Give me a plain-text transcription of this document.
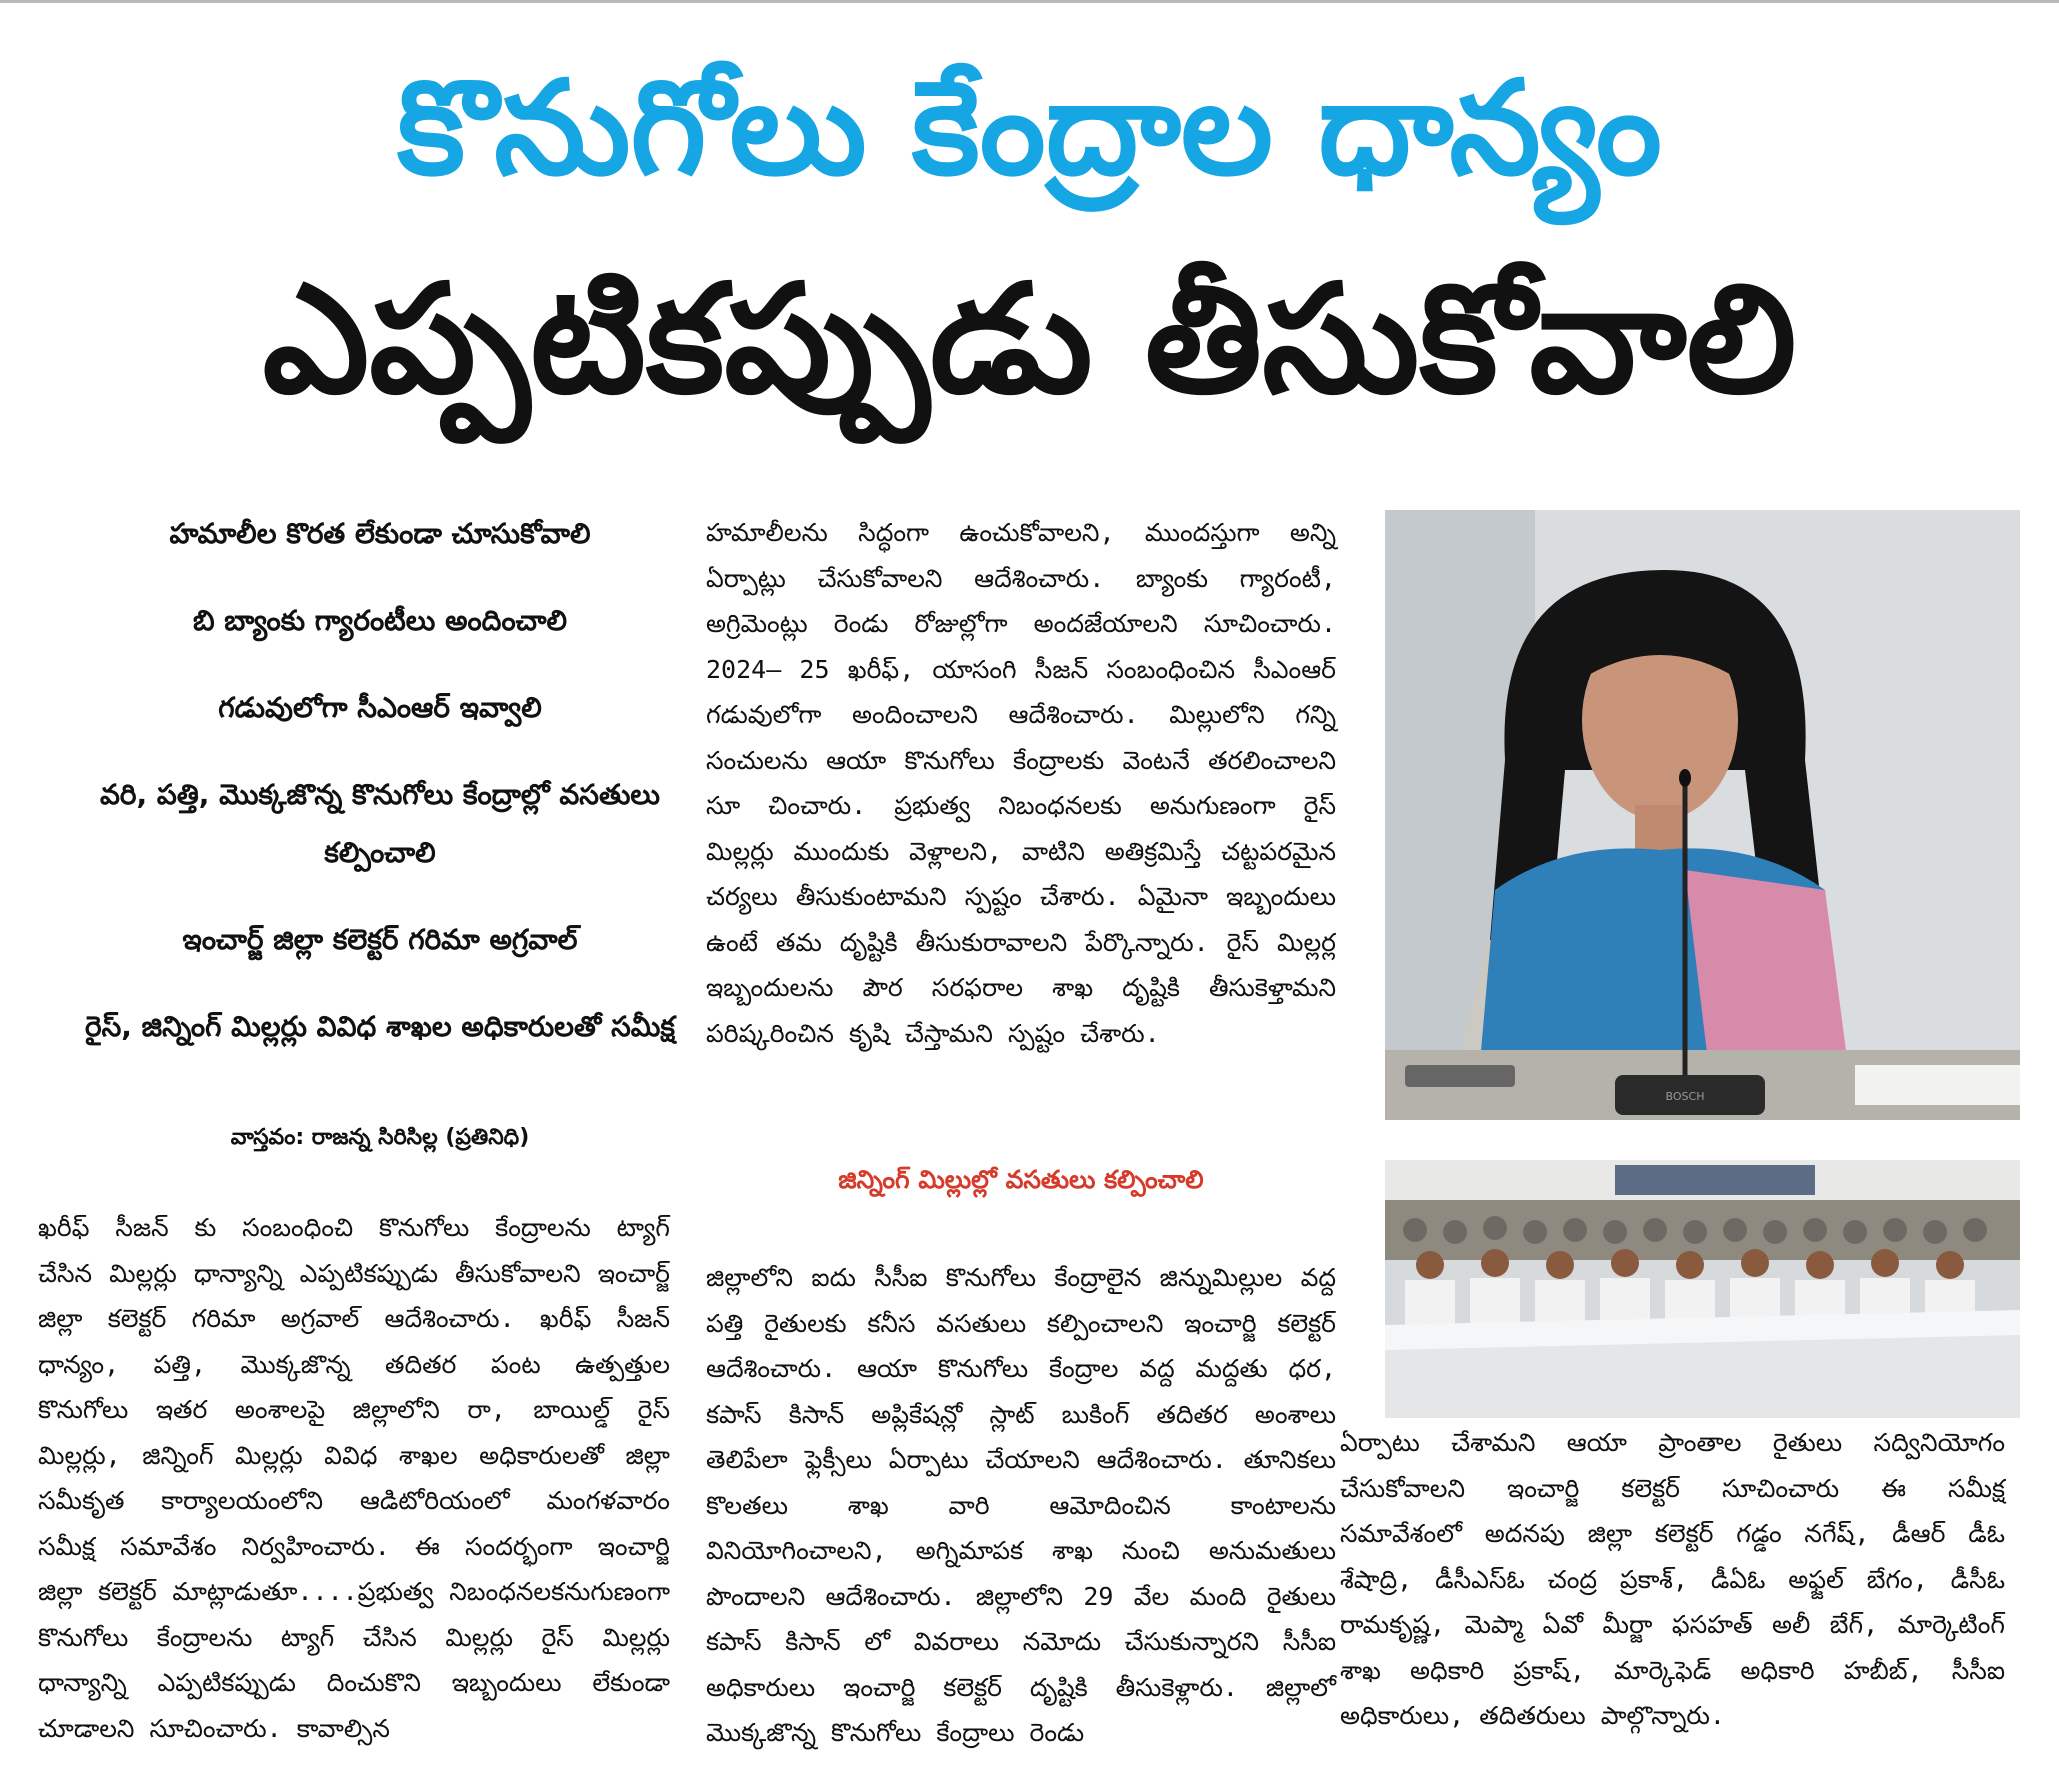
కొనుగోలు కేంద్రాల ధాన్యం
ఎప్పటికప్పుడు తీసుకోవాలి
హమాలీల కొరత లేకుండా చూసుకోవాలి
బి బ్యాంకు గ్యారంటీలు అందించాలి
గడువులోగా సీఎంఆర్ ఇవ్వాలి
వరి, పత్తి, మొక్కజొన్న కొనుగోలు కేంద్రాల్లో వసతులు కల్పించాలి
ఇంచార్జ్ జిల్లా కలెక్టర్ గరిమా అగ్రవాల్
రైస్, జిన్నింగ్ మిల్లర్లు వివిధ శాఖల అధికారులతో సమీక్ష
వాస్తవం: రాజన్న సిరిసిల్ల (ప్రతినిధి)

ఖరీఫ్ సీజన్ కు సంబంధించి కొనుగోలు కేంద్రాలను ట్యాగ్ చేసిన మిల్లర్లు ధాన్యాన్ని ఎప్పటికప్పుడు తీసుకోవాలని ఇంచార్జ్ జిల్లా కలెక్టర్ గరిమా అగ్రవాల్ ఆదేశించారు. ఖరీఫ్ సీజన్ ధాన్యం, పత్తి, మొక్కజొన్న తదితర పంట ఉత్పత్తుల కొనుగోలు ఇతర అంశాలపై జిల్లాలోని రా, బాయిల్డ్ రైస్ మిల్లర్లు, జిన్నింగ్ మిల్లర్లు వివిధ శాఖల అధికారులతో జిల్లా సమీకృత కార్యాలయంలోని ఆడిటోరియంలో మంగళవారం సమీక్ష సమావేశం నిర్వహించారు. ఈ సందర్భంగా ఇంచార్జి జిల్లా కలెక్టర్ మాట్లాడుతూ....ప్రభుత్వ నిబంధనలకనుగుణంగా కొనుగోలు కేంద్రాలను ట్యాగ్ చేసిన మిల్లర్లు రైస్ మిల్లర్లు ధాన్యాన్ని ఎప్పటికప్పుడు దించుకొని ఇబ్బందులు లేకుండా చూడాలని సూచించారు. కావాల్సిన

హమాలీలను సిద్ధంగా ఉంచుకోవాలని, ముందస్తుగా అన్ని ఏర్పాట్లు చేసుకోవాలని ఆదేశించారు. బ్యాంకు గ్యారంటీ, అగ్రిమెంట్లు రెండు రోజుల్లోగా అందజేయాలని సూచించారు. 2024– 25 ఖరీఫ్, యాసంగి సీజన్ సంబంధించిన సీఎంఆర్ గడువులోగా అందించాలని ఆదేశించారు. మిల్లులోని గన్ని సంచులను ఆయా కొనుగోలు కేంద్రాలకు వెంటనే తరలించాలని సూ చించారు. ప్రభుత్వ నిబంధనలకు అనుగుణంగా రైస్ మిల్లర్లు ముందుకు వెళ్లాలని, వాటిని అతిక్రమిస్తే చట్టపరమైన చర్యలు తీసుకుంటామని స్పష్టం చేశారు. ఏమైనా ఇబ్బందులు ఉంటే తమ దృష్టికి తీసుకురావాలని పేర్కొన్నారు. రైస్ మిల్లర్ల ఇబ్బందులను పౌర సరఫరాల శాఖ దృష్టికి తీసుకెళ్తామని పరిష్కరించిన కృషి చేస్తామని స్పష్టం చేశారు.

జిన్నింగ్ మిల్లుల్లో వసతులు కల్పించాలి

జిల్లాలోని ఐదు సీసీఐ కొనుగోలు కేంద్రాలైన జిన్నుమిల్లుల వద్ద పత్తి రైతులకు కనీస వసతులు కల్పించాలని ఇంచార్జి కలెక్టర్ ఆదేశించారు. ఆయా కొనుగోలు కేంద్రాల వద్ద మద్దతు ధర, కపాస్ కిసాన్ అప్లికేషన్లో స్లాట్ బుకింగ్ తదితర అంశాలు తెలిపేలా ఫ్లెక్సీలు ఏర్పాటు చేయాలని ఆదేశించారు. తూనికలు కొలతలు శాఖ వారి ఆమోదించిన కాంటాలను వినియోగించాలని, అగ్నిమాపక శాఖ నుంచి అనుమతులు పొందాలని ఆదేశించారు. జిల్లాలోని 29 వేల మంది రైతులు కపాస్ కిసాన్ లో వివరాలు నమోదు చేసుకున్నారని సీసీఐ అధికారులు ఇంచార్జి కలెక్టర్ దృష్టికి తీసుకెళ్లారు. జిల్లాలో మొక్కజొన్న కొనుగోలు కేంద్రాలు రెండు

ఏర్పాటు చేశామని ఆయా ప్రాంతాల రైతులు సద్వినియోగం చేసుకోవాలని ఇంచార్జి కలెక్టర్ సూచించారు ఈ సమీక్ష సమావేశంలో అదనపు జిల్లా కలెక్టర్ గడ్డం నగేష్, డీఆర్ డీఓ శేషాద్రి, డీసీఎస్ఓ చంద్ర ప్రకాశ్, డీఏఓ అఫ్జల్ బేగం, డీసీఓ రామకృష్ణ, మెప్మా ఏవో మీర్జా ఫసహత్ అలీ బేగ్, మార్కెటింగ్ శాఖ అధికారి ప్రకాష్, మార్కెఫెడ్ అధికారి హబీబ్, సీసీఐ అధికారులు, తదితరులు పాల్గొన్నారు.

BOSCH
